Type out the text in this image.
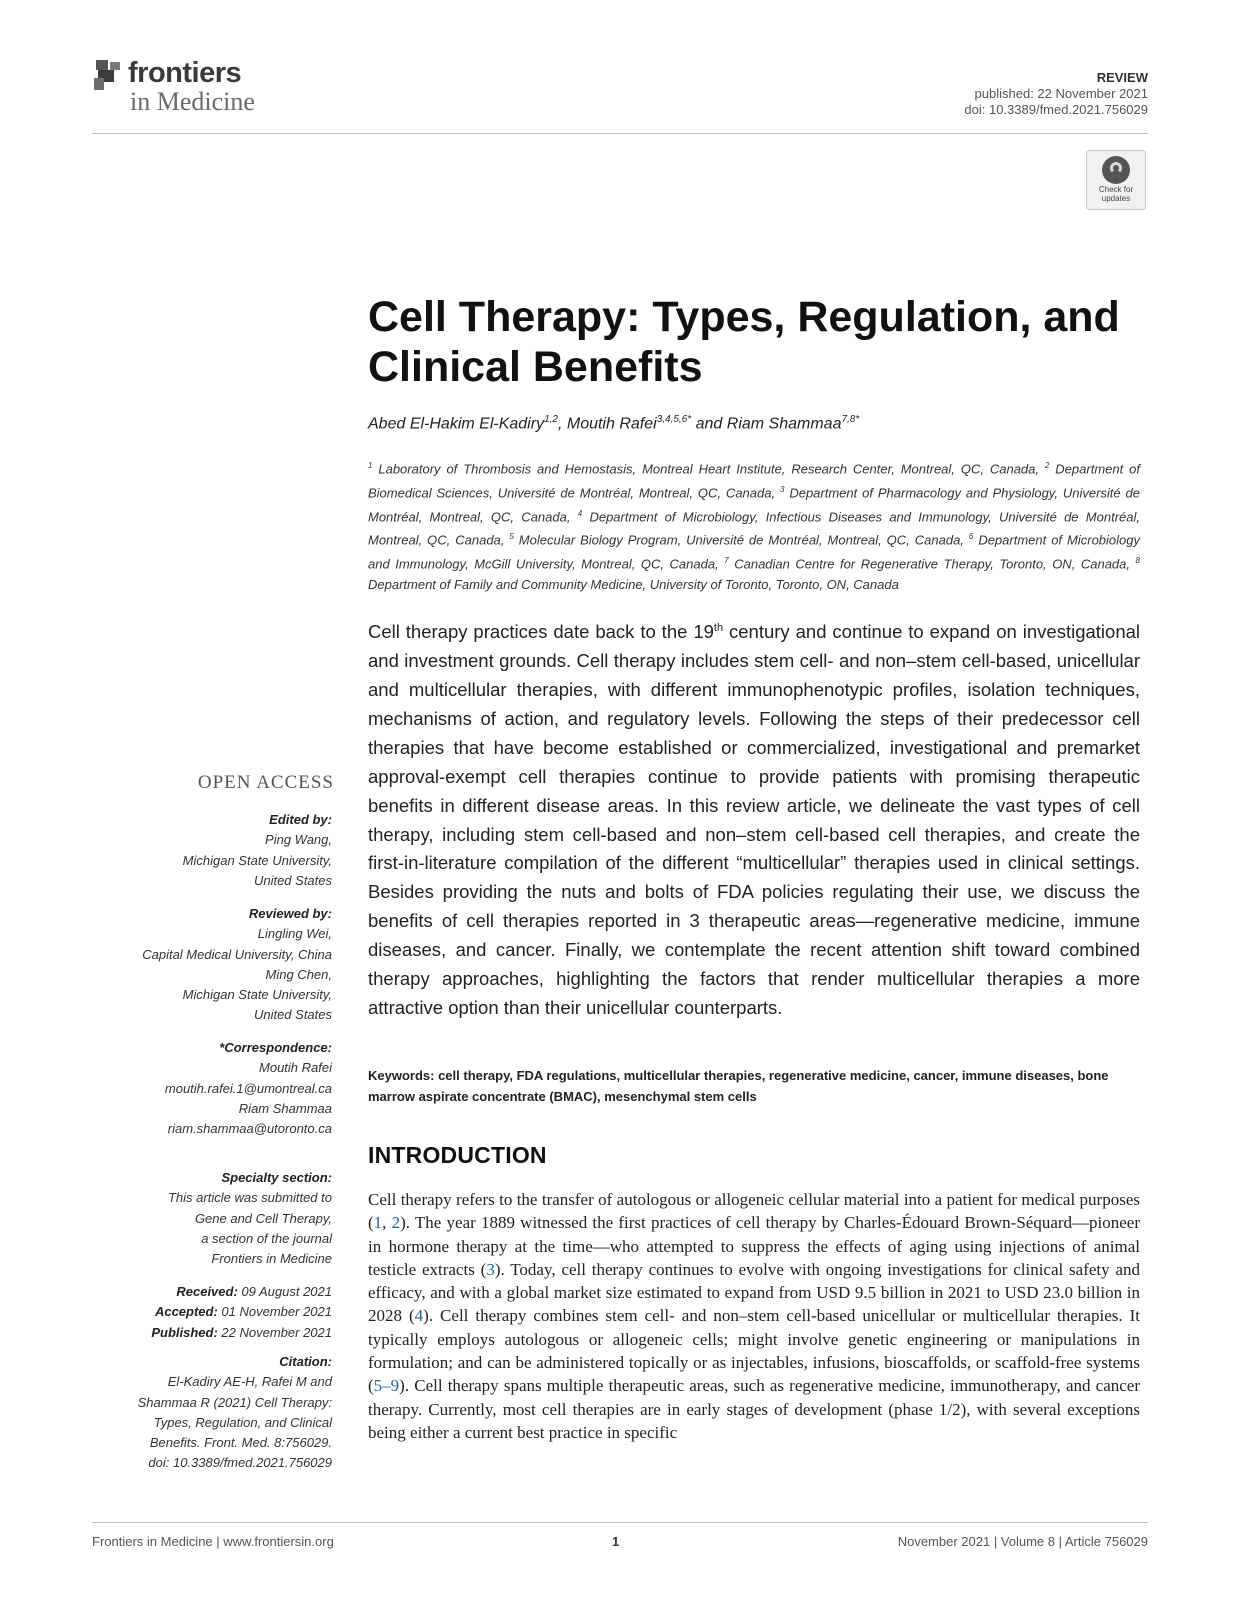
frontiers
in Medicine
REVIEW
published: 22 November 2021
doi: 10.3389/fmed.2021.756029
Check for
updates
Cell Therapy: Types, Regulation, and
Clinical Benefits
Abed El-Hakim El-Kadiry$^{1,2}$, Moutih Rafei$^{3,4,5,6*}$ and Riam Shammaa$^{7,8*}$
$^1$ Laboratory of Thrombosis and Hemostasis, Montreal Heart Institute, Research Center, Montreal, QC, Canada, $^2$ Department of Biomedical Sciences, Université de Montréal, Montreal, QC, Canada, $^3$ Department of Pharmacology and Physiology, Université de Montréal, Montreal, QC, Canada, $^4$ Department of Microbiology, Infectious Diseases and Immunology, Université de Montréal, Montreal, QC, Canada, $^5$ Molecular Biology Program, Université de Montréal, Montreal, QC, Canada, $^6$ Department of Microbiology and Immunology, McGill University, Montreal, QC, Canada, $^7$ Canadian Centre for Regenerative Therapy, Toronto, ON, Canada, $^8$ Department of Family and Community Medicine, University of Toronto, Toronto, ON, Canada
Cell therapy practices date back to the 19th century and continue to expand on investigational and investment grounds. Cell therapy includes stem cell- and non–stem cell-based, unicellular and multicellular therapies, with different immunophenotypic profiles, isolation techniques, mechanisms of action, and regulatory levels. Following the steps of their predecessor cell therapies that have become established or commercialized, investigational and premarket approval-exempt cell therapies continue to provide patients with promising therapeutic benefits in different disease areas. In this review article, we delineate the vast types of cell therapy, including stem cell-based and non–stem cell-based cell therapies, and create the first-in-literature compilation of the different “multicellular” therapies used in clinical settings. Besides providing the nuts and bolts of FDA policies regulating their use, we discuss the benefits of cell therapies reported in 3 therapeutic areas—regenerative medicine, immune diseases, and cancer. Finally, we contemplate the recent attention shift toward combined therapy approaches, highlighting the factors that render multicellular therapies a more attractive option than their unicellular counterparts.
Keywords: cell therapy, FDA regulations, multicellular therapies, regenerative medicine, cancer, immune diseases, bone marrow aspirate concentrate (BMAC), mesenchymal stem cells
INTRODUCTION
Cell therapy refers to the transfer of autologous or allogeneic cellular material into a patient for medical purposes (1, 2). The year 1889 witnessed the first practices of cell therapy by Charles-Édouard Brown-Séquard—pioneer in hormone therapy at the time—who attempted to suppress the effects of aging using injections of animal testicle extracts (3). Today, cell therapy continues to evolve with ongoing investigations for clinical safety and efficacy, and with a global market size estimated to expand from USD 9.5 billion in 2021 to USD 23.0 billion in 2028 (4). Cell therapy combines stem cell- and non–stem cell-based unicellular or multicellular therapies. It typically employs autologous or allogeneic cells; might involve genetic engineering or manipulations in formulation; and can be administered topically or as injectables, infusions, bioscaffolds, or scaffold-free systems (5–9). Cell therapy spans multiple therapeutic areas, such as regenerative medicine, immunotherapy, and cancer therapy. Currently, most cell therapies are in early stages of development (phase 1/2), with several exceptions being either a current best practice in specific
OPEN ACCESS
Edited by:
Ping Wang,
Michigan State University,
United States
Reviewed by:
Lingling Wei,
Capital Medical University, China
Ming Chen,
Michigan State University,
United States
*Correspondence:
Moutih Rafei
moutih.rafei.1@umontreal.ca
Riam Shammaa
riam.shammaa@utoronto.ca
Specialty section:
This article was submitted to
Gene and Cell Therapy,
a section of the journal
Frontiers in Medicine
Received: 09 August 2021
Accepted: 01 November 2021
Published: 22 November 2021
Citation:
El-Kadiry AE-H, Rafei M and
Shammaa R (2021) Cell Therapy:
Types, Regulation, and Clinical
Benefits. Front. Med. 8:756029.
doi: 10.3389/fmed.2021.756029
Frontiers in Medicine | www.frontiersin.org	1	November 2021 | Volume 8 | Article 756029
